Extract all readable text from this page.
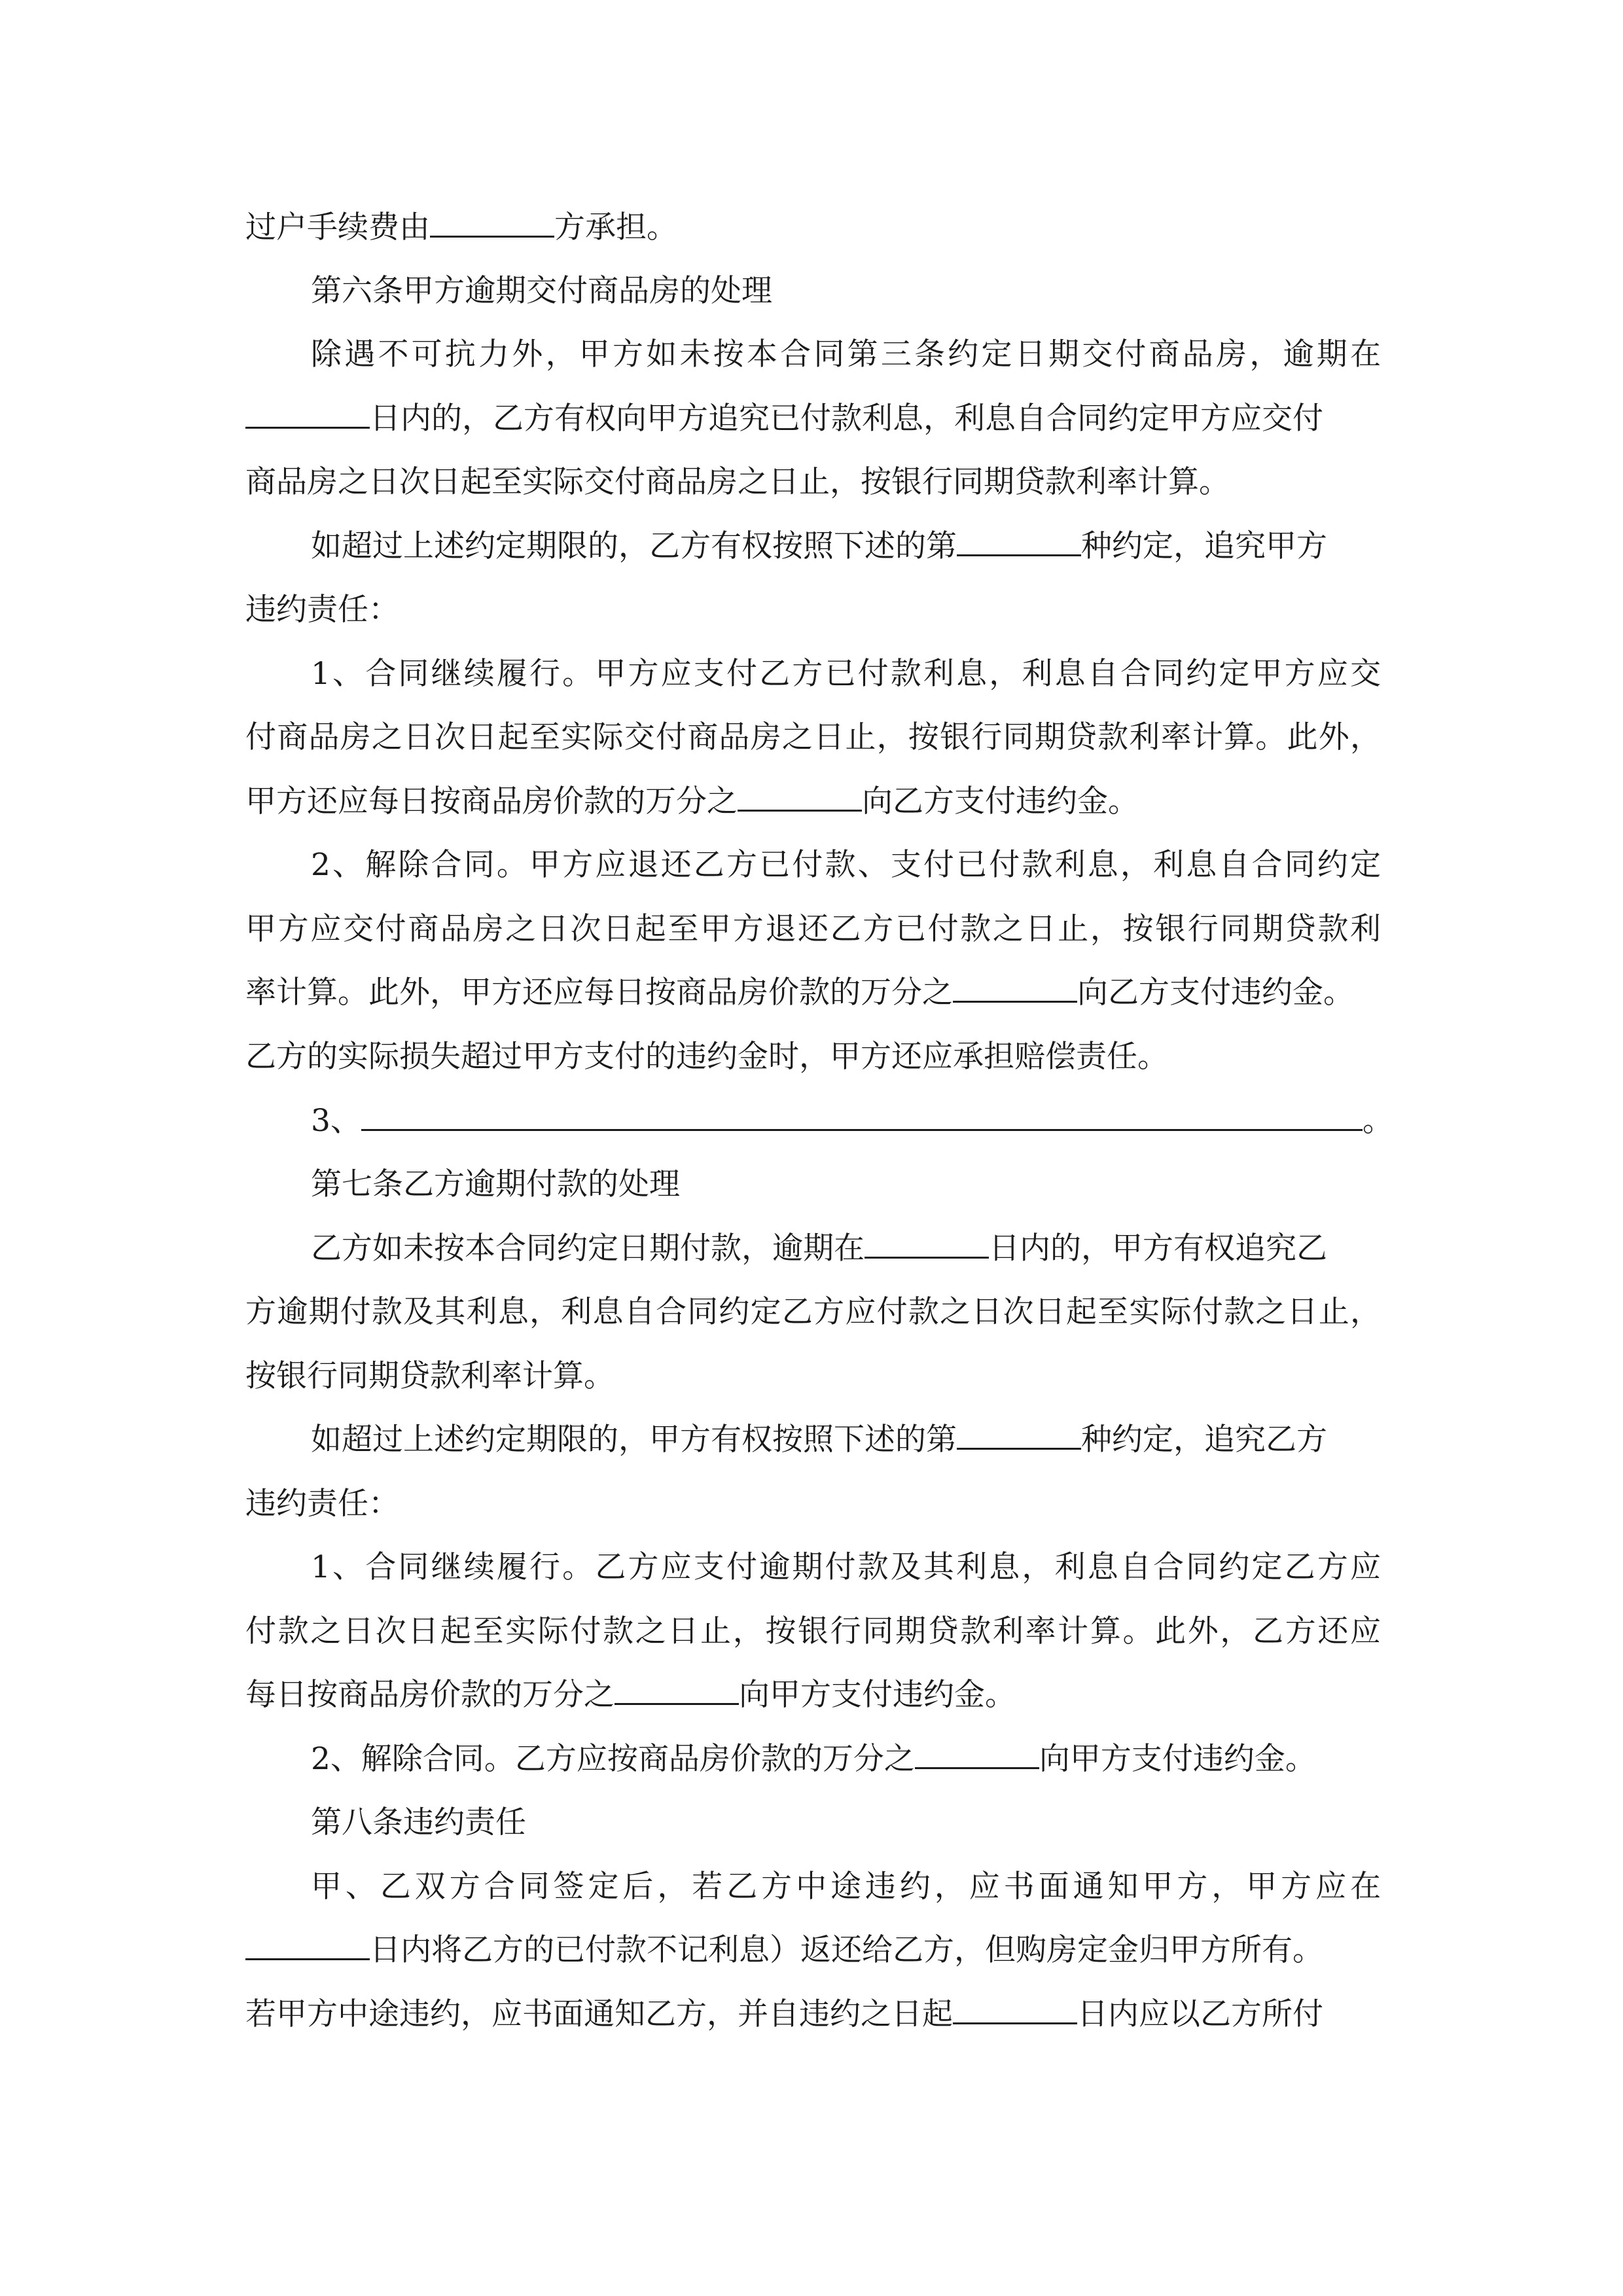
过户手续费由	方承担。
第六条甲方逾期交付商品房的处理
除遇不可抗力外，甲方如未按本合同第三条约定日期交付商品房，逾期在
日内的，乙方有权向甲方追究已付款利息，利息自合同约定甲方应交付
商品房之日次日起至实际交付商品房之日止，按银行同期贷款利率计算。
如超过上述约定期限的，乙方有权按照下述的第	种约定，追究甲方
违约责任：
1、合同继续履行。甲方应支付乙方已付款利息，利息自合同约定甲方应交
付商品房之日次日起至实际交付商品房之日止，按银行同期贷款利率计算。此外，
甲方还应每日按商品房价款的万分之	向乙方支付违约金。
2、解除合同。甲方应退还乙方已付款、支付已付款利息，利息自合同约定
甲方应交付商品房之日次日起至甲方退还乙方已付款之日止，按银行同期贷款利
率计算。此外，甲方还应每日按商品房价款的万分之	向乙方支付违约金。
乙方的实际损失超过甲方支付的违约金时，甲方还应承担赔偿责任。
3、	。
第七条乙方逾期付款的处理
乙方如未按本合同约定日期付款，逾期在	日内的，甲方有权追究乙
方逾期付款及其利息，利息自合同约定乙方应付款之日次日起至实际付款之日止，
按银行同期贷款利率计算。
如超过上述约定期限的，甲方有权按照下述的第	种约定，追究乙方
违约责任：
1、合同继续履行。乙方应支付逾期付款及其利息，利息自合同约定乙方应
付款之日次日起至实际付款之日止，按银行同期贷款利率计算。此外，乙方还应
每日按商品房价款的万分之	向甲方支付违约金。
2、解除合同。乙方应按商品房价款的万分之	向甲方支付违约金。
第八条违约责任
甲、乙双方合同签定后，若乙方中途违约，应书面通知甲方，甲方应在
日内将乙方的已付款不记利息）返还给乙方，但购房定金归甲方所有。
若甲方中途违约，应书面通知乙方，并自违约之日起	日内应以乙方所付
